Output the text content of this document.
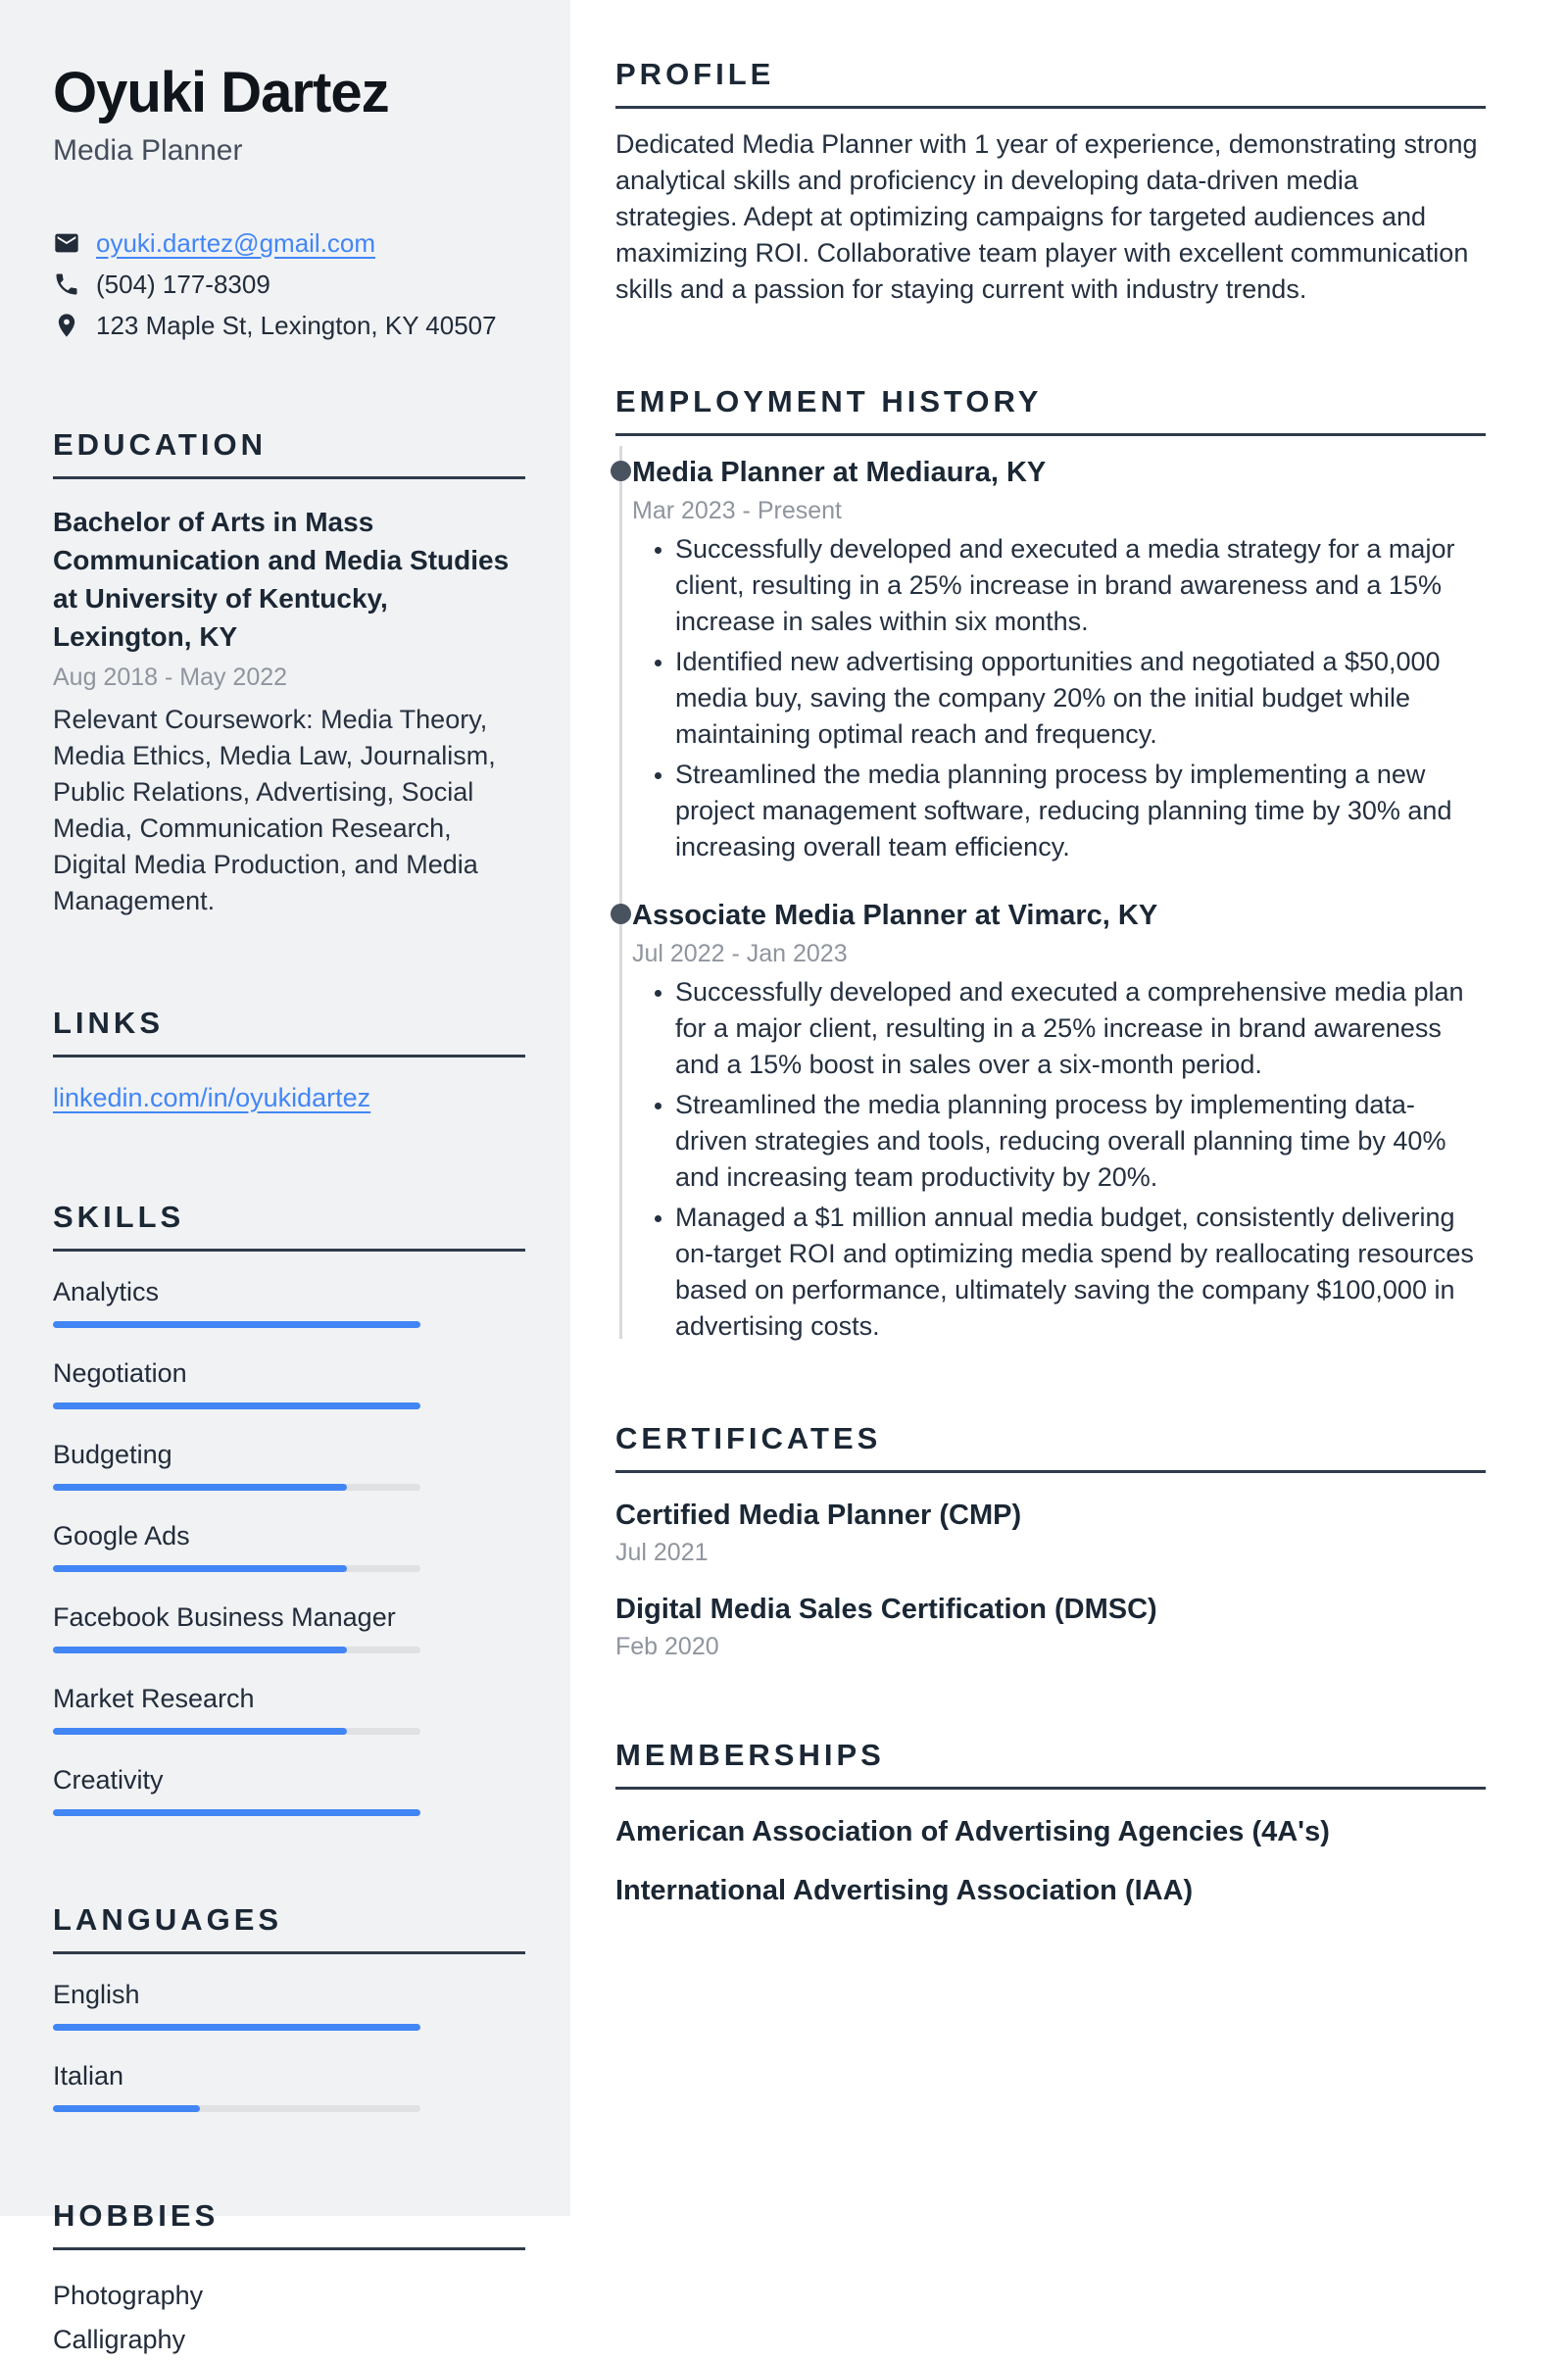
Oyuki Dartez
Media Planner
oyuki.dartez@gmail.com
(504) 177-8309
123 Maple St, Lexington, KY 40507
EDUCATION
Bachelor of Arts in Mass Communication and Media Studies at University of Kentucky, Lexington, KY
Aug 2018 - May 2022
Relevant Coursework: Media Theory, Media Ethics, Media Law, Journalism, Public Relations, Advertising, Social Media, Communication Research, Digital Media Production, and Media Management.
LINKS
linkedin.com/in/oyukidartez
SKILLS
Analytics
Negotiation
Budgeting
Google Ads
Facebook Business Manager
Market Research
Creativity
LANGUAGES
English
Italian
HOBBIES
Photography
Calligraphy
PROFILE

Dedicated Media Planner with 1 year of experience, demonstrating strong analytical skills and proficiency in developing data-driven media strategies. Adept at optimizing campaigns for targeted audiences and maximizing ROI. Collaborative team player with excellent communication skills and a passion for staying current with industry trends.

EMPLOYMENT HISTORY
Media Planner at Mediaura, KY
Mar 2023 - Present
• Successfully developed and executed a media strategy for a major client, resulting in a 25% increase in brand awareness and a 15% increase in sales within six months.
• Identified new advertising opportunities and negotiated a $50,000 media buy, saving the company 20% on the initial budget while maintaining optimal reach and frequency.
• Streamlined the media planning process by implementing a new project management software, reducing planning time by 30% and increasing overall team efficiency.
Associate Media Planner at Vimarc, KY
Jul 2022 - Jan 2023
• Successfully developed and executed a comprehensive media plan for a major client, resulting in a 25% increase in brand awareness and a 15% boost in sales over a six-month period.
• Streamlined the media planning process by implementing data-driven strategies and tools, reducing overall planning time by 40% and increasing team productivity by 20%.
• Managed a $1 million annual media budget, consistently delivering on-target ROI and optimizing media spend by reallocating resources based on performance, ultimately saving the company $100,000 in advertising costs.
CERTIFICATES
Certified Media Planner (CMP)
Jul 2021
Digital Media Sales Certification (DMSC)
Feb 2020
MEMBERSHIPS
American Association of Advertising Agencies (4A's)
International Advertising Association (IAA)
